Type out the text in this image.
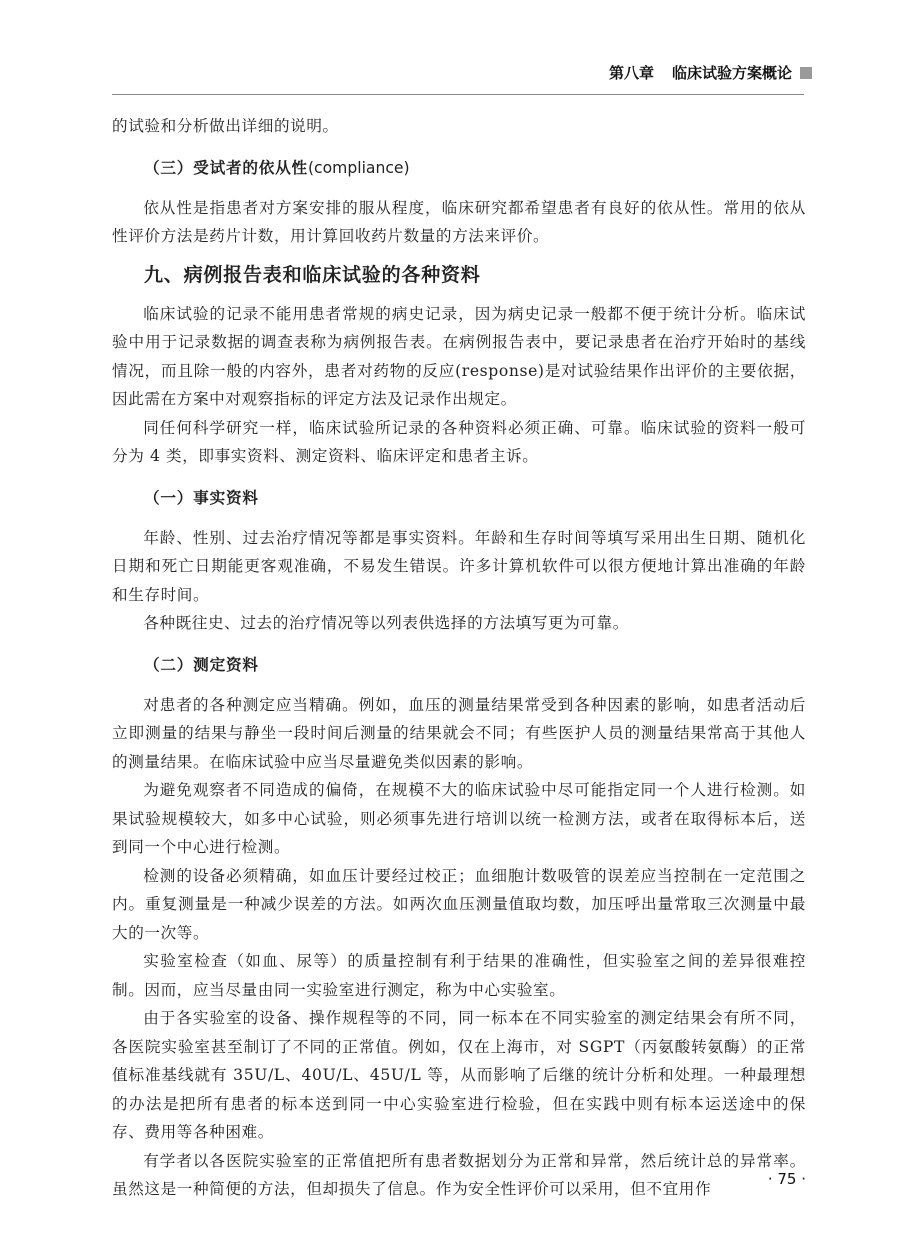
第八章 临床试验方案概论

的试验和分析做出详细的说明。

（三）受试者的依从性(compliance)

依从性是指患者对方案安排的服从程度，临床研究都希望患者有良好的依从性。常用的依从性评价方法是药片计数，用计算回收药片数量的方法来评价。

九、病例报告表和临床试验的各种资料

临床试验的记录不能用患者常规的病史记录，因为病史记录一般都不便于统计分析。临床试验中用于记录数据的调查表称为病例报告表。在病例报告表中，要记录患者在治疗开始时的基线情况，而且除一般的内容外，患者对药物的反应(response)是对试验结果作出评价的主要依据，因此需在方案中对观察指标的评定方法及记录作出规定。

同任何科学研究一样，临床试验所记录的各种资料必须正确、可靠。临床试验的资料一般可分为 4 类，即事实资料、测定资料、临床评定和患者主诉。

（一）事实资料

年龄、性别、过去治疗情况等都是事实资料。年龄和生存时间等填写采用出生日期、随机化日期和死亡日期能更客观准确，不易发生错误。许多计算机软件可以很方便地计算出准确的年龄和生存时间。

各种既往史、过去的治疗情况等以列表供选择的方法填写更为可靠。

（二）测定资料

对患者的各种测定应当精确。例如，血压的测量结果常受到各种因素的影响，如患者活动后立即测量的结果与静坐一段时间后测量的结果就会不同；有些医护人员的测量结果常高于其他人的测量结果。在临床试验中应当尽量避免类似因素的影响。

为避免观察者不同造成的偏倚，在规模不大的临床试验中尽可能指定同一个人进行检测。如果试验规模较大，如多中心试验，则必须事先进行培训以统一检测方法，或者在取得标本后，送到同一个中心进行检测。

检测的设备必须精确，如血压计要经过校正；血细胞计数吸管的误差应当控制在一定范围之内。重复测量是一种减少误差的方法。如两次血压测量值取均数，加压呼出量常取三次测量中最大的一次等。

实验室检查（如血、尿等）的质量控制有利于结果的准确性，但实验室之间的差异很难控制。因而，应当尽量由同一实验室进行测定，称为中心实验室。

由于各实验室的设备、操作规程等的不同，同一标本在不同实验室的测定结果会有所不同，各医院实验室甚至制订了不同的正常值。例如，仅在上海市，对 SGPT（丙氨酸转氨酶）的正常值标准基线就有 35U/L、40U/L、45U/L 等，从而影响了后继的统计分析和处理。一种最理想的办法是把所有患者的标本送到同一中心实验室进行检验，但在实践中则有标本运送途中的保存、费用等各种困难。

有学者以各医院实验室的正常值把所有患者数据划分为正常和异常，然后统计总的异常率。虽然这是一种简便的方法，但却损失了信息。作为安全性评价可以采用，但不宜用作

· 75 ·
